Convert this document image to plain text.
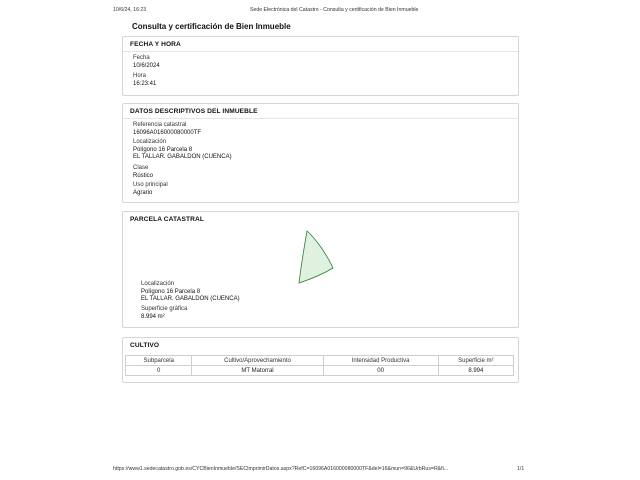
10/6/24, 16:23	Sede Electrónica del Catastro - Consulta y certificación de Bien Inmueble
Consulta y certificación de Bien Inmueble
FECHA Y HORA
Fecha
10/6/2024
Hora
16:23:41
DATOS DESCRIPTIVOS DEL INMUEBLE
Referencia catastral
16096A016000080000TF
Localización
Polígono 16 Parcela 8
EL TALLAR. GABALDON (CUENCA)
Clase
Rústico
Uso principal
Agrario
PARCELA CATASTRAL
Localización
Polígono 16 Parcela 8
EL TALLAR. GABALDON (CUENCA)
Superficie gráfica
8.994 m²
CULTIVO
Subparcela	Cultivo/Aprovechamiento	Intensidad Productiva	Superficie m²
0	MT Matorral	00	8.994
https://www1.sedecatastro.gob.es/CYCBienInmueble/SECImprimirDatos.aspx?RefC=16096A016000080000TF&del=16&mun=96&UrbRus=R&fi...	1/1
